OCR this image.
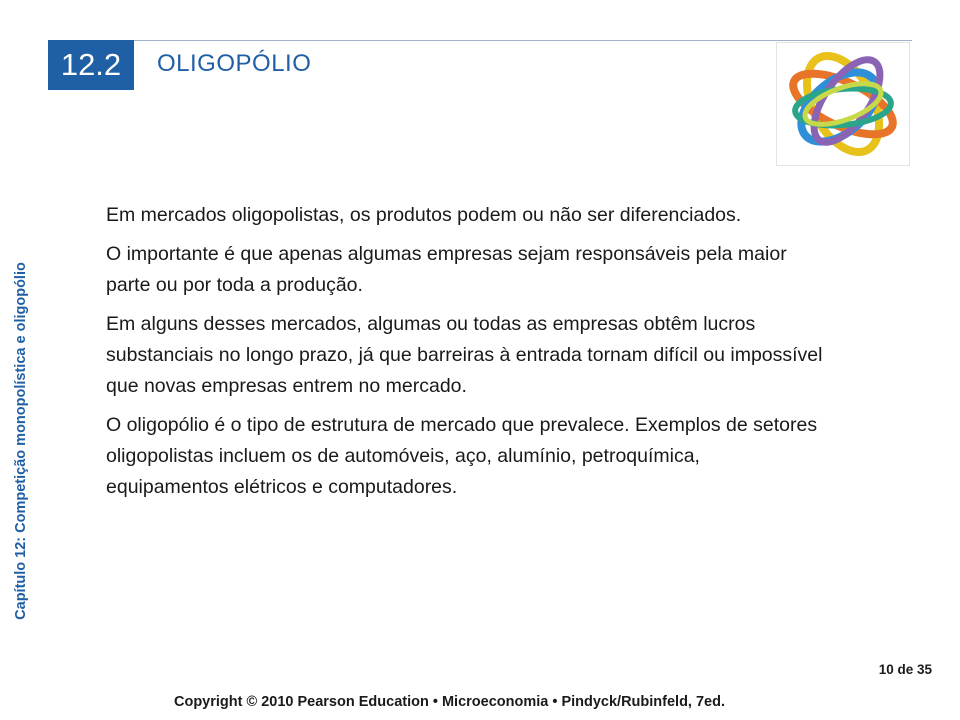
12.2	OLIGOPÓLIO
Capítulo 12: Competição monopolística e oligopólio

Em mercados oligopolistas, os produtos podem ou não ser diferenciados.

O importante é que apenas algumas empresas sejam responsáveis pela maior parte ou por toda a produção.

Em alguns desses mercados, algumas ou todas as empresas obtêm lucros substanciais no longo prazo, já que barreiras à entrada tornam difícil ou impossível que novas empresas entrem no mercado.

O oligopólio é o tipo de estrutura de mercado que prevalece. Exemplos de setores oligopolistas incluem os de automóveis, aço, alumínio, petroquímica, equipamentos elétricos e computadores.

10 de 35
Copyright © 2010 Pearson Education • Microeconomia • Pindyck/Rubinfeld, 7ed.
